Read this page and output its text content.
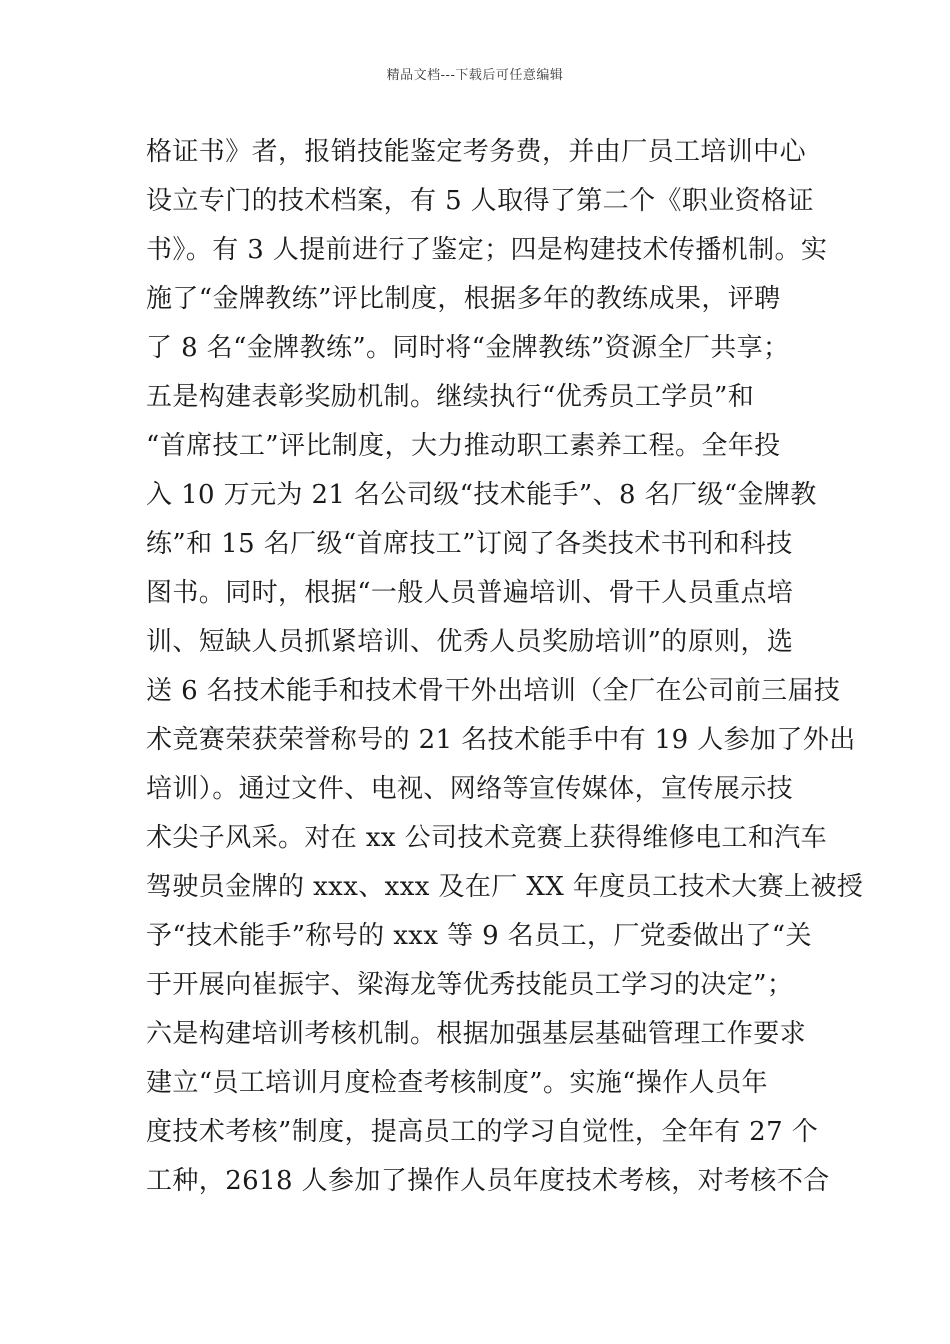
精品文档---下载后可任意编辑
格证书》者，报销技能鉴定考务费，并由厂员工培训中心
设立专门的技术档案，有 5 人取得了第二个《职业资格证
书》。有 3 人提前进行了鉴定；四是构建技术传播机制。实
施了“金牌教练”评比制度，根据多年的教练成果，评聘
了 8 名“金牌教练”。同时将“金牌教练”资源全厂共享；
五是构建表彰奖励机制。继续执行“优秀员工学员”和
“首席技工”评比制度，大力推动职工素养工程。全年投
入 10 万元为 21 名公司级“技术能手”、8 名厂级“金牌教
练”和 15 名厂级“首席技工”订阅了各类技术书刊和科技
图书。同时，根据“一般人员普遍培训、骨干人员重点培
训、短缺人员抓紧培训、优秀人员奖励培训”的原则，选
送 6 名技术能手和技术骨干外出培训（全厂在公司前三届技
术竞赛荣获荣誉称号的 21 名技术能手中有 19 人参加了外出
培训）。通过文件、电视、网络等宣传媒体，宣传展示技
术尖子风采。对在 xx 公司技术竞赛上获得维修电工和汽车
驾驶员金牌的 xxx、xxx 及在厂 XX 年度员工技术大赛上被授
予“技术能手”称号的 xxx 等 9 名员工，厂党委做出了“关
于开展向崔振宇、梁海龙等优秀技能员工学习的决定”；
六是构建培训考核机制。根据加强基层基础管理工作要求
建立“员工培训月度检查考核制度”。实施“操作人员年
度技术考核”制度，提高员工的学习自觉性，全年有 27 个
工种，2618 人参加了操作人员年度技术考核，对考核不合
